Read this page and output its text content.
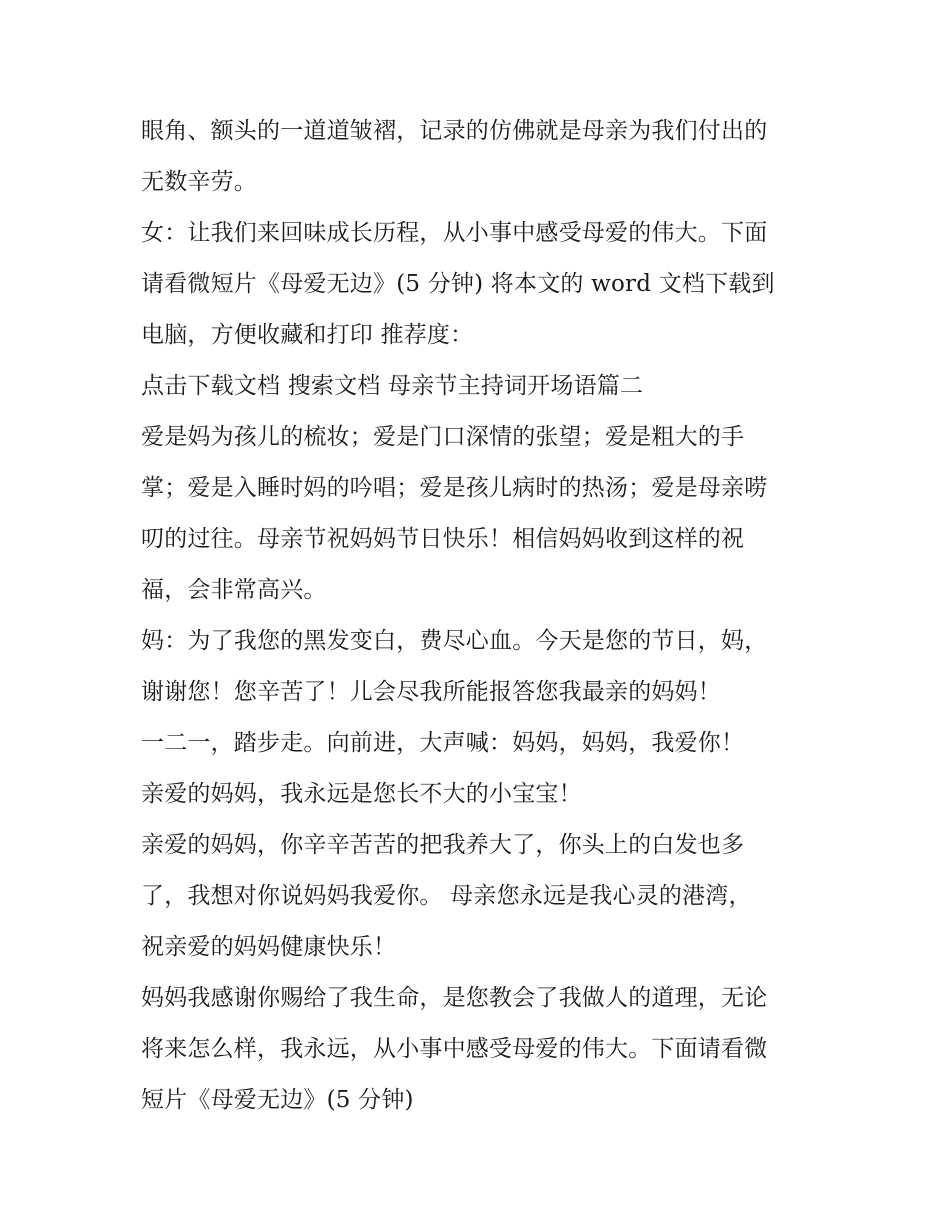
眼角、额头的一道道皱褶，记录的仿佛就是母亲为我们付出的
无数辛劳。
女：让我们来回味成长历程，从小事中感受母爱的伟大。下面
请看微短片《母爱无边》(5 分钟) 将本文的 word 文档下载到
电脑，方便收藏和打印 推荐度：
点击下载文档 搜索文档 母亲节主持词开场语篇二
爱是妈为孩儿的梳妆；爱是门口深情的张望；爱是粗大的手
掌；爱是入睡时妈的吟唱；爱是孩儿病时的热汤；爱是母亲唠
叨的过往。母亲节祝妈妈节日快乐！相信妈妈收到这样的祝
福，会非常高兴。
妈：为了我您的黑发变白，费尽心血。今天是您的节日，妈，
谢谢您！您辛苦了！儿会尽我所能报答您我最亲的妈妈！
一二一，踏步走。向前进，大声喊：妈妈，妈妈，我爱你！
亲爱的妈妈，我永远是您长不大的小宝宝！
亲爱的妈妈，你辛辛苦苦的把我养大了，你头上的白发也多
了，我想对你说妈妈我爱你。 母亲您永远是我心灵的港湾，
祝亲爱的妈妈健康快乐！
妈妈我感谢你赐给了我生命，是您教会了我做人的道理，无论
将来怎么样，我永远，从小事中感受母爱的伟大。下面请看微
短片《母爱无边》(5 分钟)
